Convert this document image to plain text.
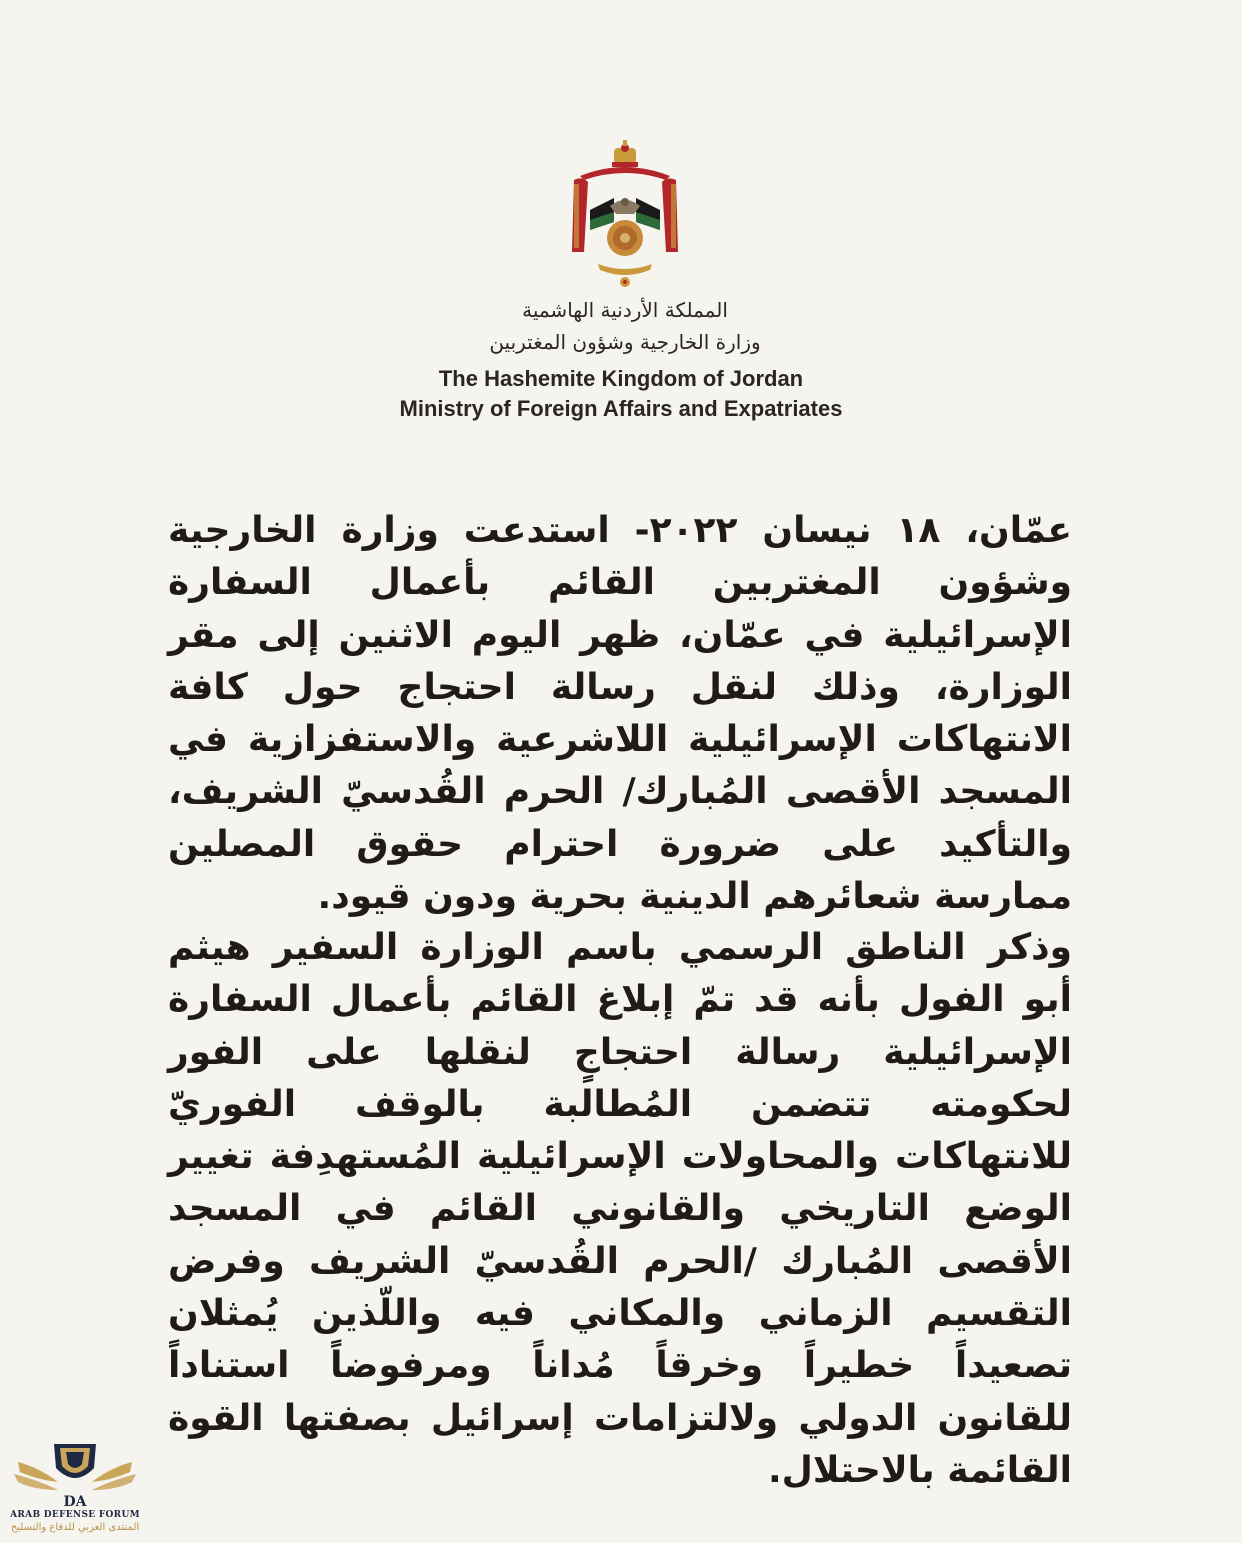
المملكة الأردنية الهاشمية
وزارة الخارجية وشؤون المغتربين
The Hashemite Kingdom of Jordan
Ministry of Foreign Affairs and Expatriates

عمّان، ١٨ نيسان ٢٠٢٢- استدعت وزارة الخارجية وشؤون المغتربين القائم بأعمال السفارة الإسرائيلية في عمّان، ظهر اليوم الاثنين إلى مقر الوزارة، وذلك لنقل رسالة احتجاج حول كافة الانتهاكات الإسرائيلية اللاشرعية والاستفزازية في المسجد الأقصى المُبارك/ الحرم القُدسيّ الشريف، والتأكيد على ضرورة احترام حقوق المصلين ممارسة شعائرهم الدينية بحرية ودون قيود.

وذكر الناطق الرسمي باسم الوزارة السفير هيثم أبو الفول بأنه قد تمّ إبلاغ القائم بأعمال السفارة الإسرائيلية رسالة احتجاجٍ لنقلها على الفور لحكومته تتضمن المُطالبة بالوقف الفوريّ للانتهاكات والمحاولات الإسرائيلية المُستهدِفة تغيير الوضع التاريخي والقانوني القائم في المسجد الأقصى المُبارك /الحرم القُدسيّ الشريف وفرض التقسيم الزماني والمكاني فيه واللّذين يُمثلان تصعيداً خطيراً وخرقاً مُداناً ومرفوضاً استناداً للقانون الدولي ولالتزامات إسرائيل بصفتها القوة القائمة بالاحتلال.

DA
ARAB DEFENSE FORUM
المنتدى العربي للدفاع والتسليح
